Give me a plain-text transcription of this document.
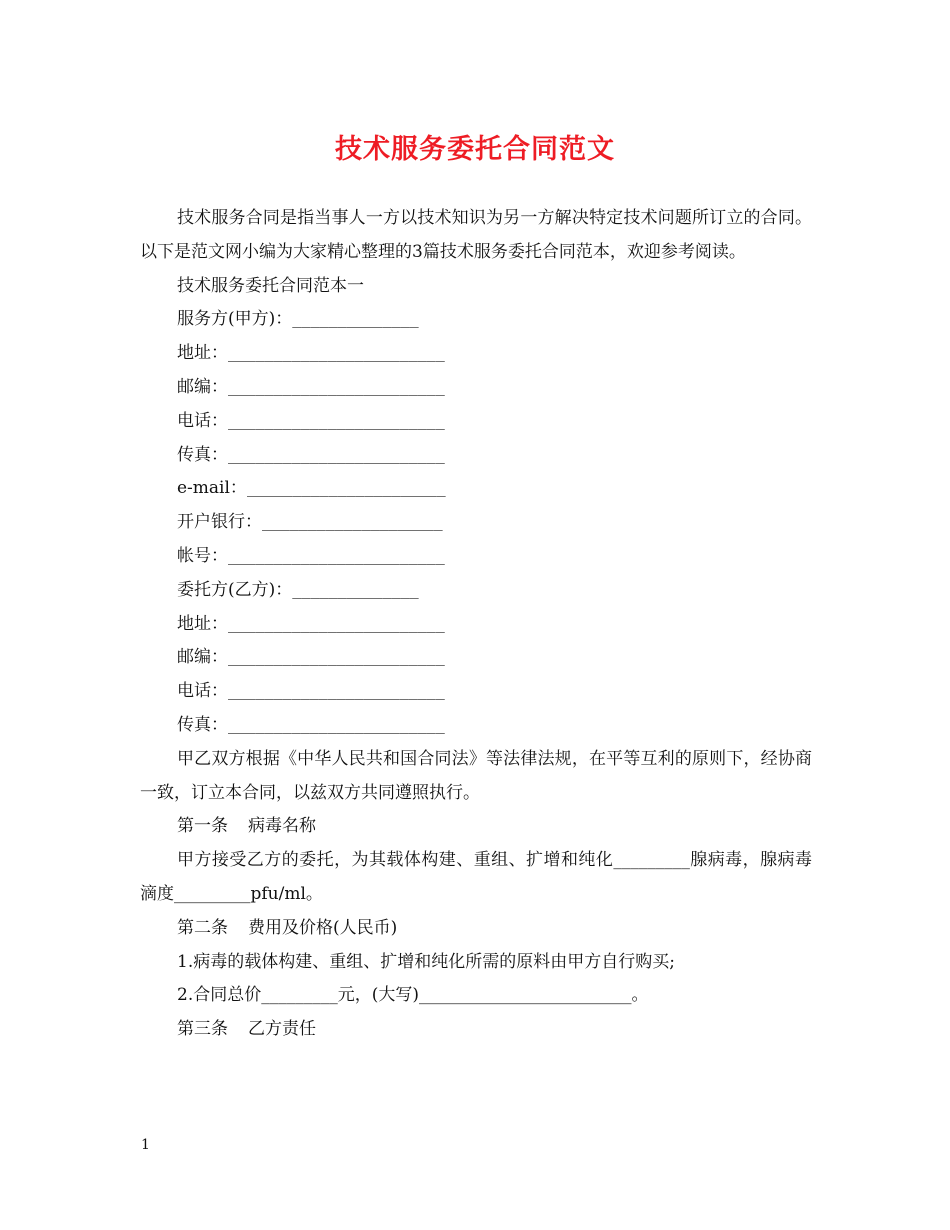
技术服务委托合同范文

技术服务合同是指当事人一方以技术知识为另一方解决特定技术问题所订立的合同。以下是范文网小编为大家精心整理的3篇技术服务委托合同范本，欢迎参考阅读。

技术服务委托合同范本一

服务方(甲方)：______________

地址：________________________

邮编：________________________

电话：________________________

传真：________________________

e-mail：______________________

开户银行：____________________

帐号：________________________

委托方(乙方)：______________

地址：________________________

邮编：________________________

电话：________________________

传真：________________________

甲乙双方根据《中华人民共和国合同法》等法律法规，在平等互利的原则下，经协商一致，订立本合同，以兹双方共同遵照执行。

第一条 病毒名称

甲方接受乙方的委托，为其载体构建、重组、扩增和纯化_________腺病毒，腺病毒滴度_________pfu/ml。

第二条 费用及价格(人民币)

1.病毒的载体构建、重组、扩增和纯化所需的原料由甲方自行购买;

2.合同总价_________元，(大写)_________________________。

第三条 乙方责任

1
